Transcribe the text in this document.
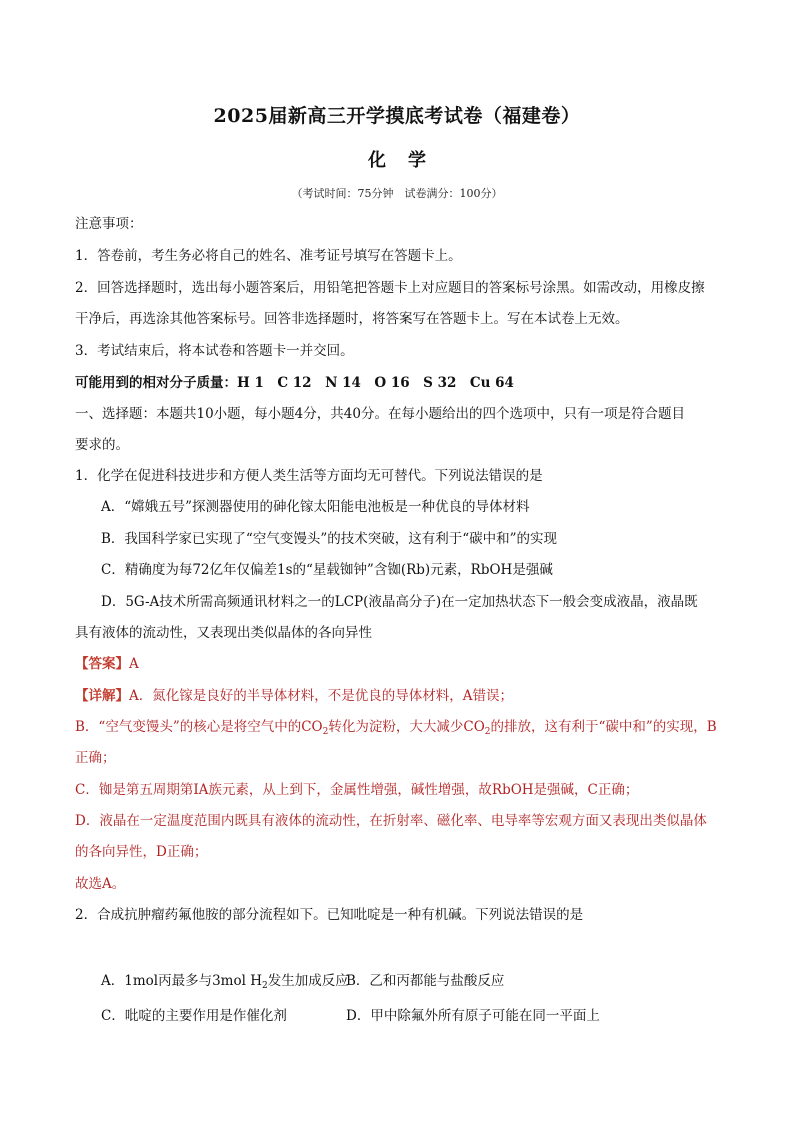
2025届新高三开学摸底考试卷（福建卷）
化学
（考试时间：75分钟　试卷满分：100分）
注意事项：
1．答卷前，考生务必将自己的姓名、准考证号填写在答题卡上。
2．回答选择题时，选出每小题答案后，用铅笔把答题卡上对应题目的答案标号涂黑。如需改动，用橡皮擦
干净后，再选涂其他答案标号。回答非选择题时，将答案写在答题卡上。写在本试卷上无效。
3．考试结束后，将本试卷和答题卡一并交回。
可能用到的相对分子质量：H 1　C 12　N 14　O 16　S 32　Cu 64
一、选择题：本题共10小题，每小题4分，共40分。在每小题给出的四个选项中，只有一项是符合题目
要求的。
1．化学在促进科技进步和方便人类生活等方面均无可替代。下列说法错误的是
A．“嫦娥五号”探测器使用的砷化镓太阳能电池板是一种优良的导体材料
B．我国科学家已实现了“空气变馒头”的技术突破，这有利于“碳中和”的实现
C．精确度为每72亿年仅偏差1s的“星载铷钟”含铷(Rb)元素，RbOH是强碱
D．5G-A技术所需高频通讯材料之一的LCP(液晶高分子)在一定加热状态下一般会变成液晶，液晶既
具有液体的流动性，又表现出类似晶体的各向异性
【答案】A
【详解】A．氮化镓是良好的半导体材料，不是优良的导体材料，A错误；
B．“空气变馒头”的核心是将空气中的$CO_2$转化为淀粉，大大减少$CO_2$的排放，这有利于“碳中和”的实现，B
正确；
C．铷是第五周期第IA族元素，从上到下，金属性增强，碱性增强，故RbOH是强碱，C正确；
D．液晶在一定温度范围内既具有液体的流动性，在折射率、磁化率、电导率等宏观方面又表现出类似晶体
的各向异性，D正确；
故选A。
2．合成抗肿瘤药氟他胺的部分流程如下。已知吡啶是一种有机碱。下列说法错误的是
A．1mol丙最多与3mol $H_2$发生加成反应
B．乙和丙都能与盐酸反应
C．吡啶的主要作用是作催化剂	D．甲中除氟外所有原子可能在同一平面上
